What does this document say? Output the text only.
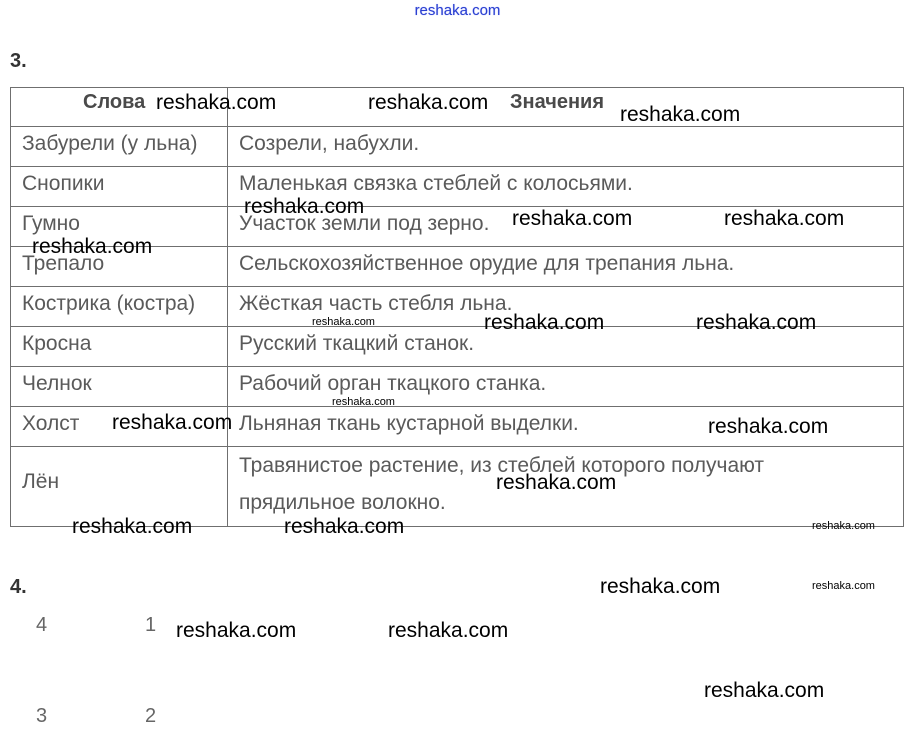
reshaka.com
3.
Слова	Значения
Забурели (у льна)	Созрели, набухли.
Снопики	Маленькая связка стеблей с колосьями.
Гумно	Участок земли под зерно.
Трепало	Сельскохозяйственное орудие для трепания льна.
Кострика (костра)	Жёсткая часть стебля льна.
Кросна	Русский ткацкий станок.
Челнок	Рабочий орган ткацкого станка.
Холст	Льняная ткань кустарной выделки.
Лён	Травянистое растение, из стеблей которого получают
прядильное волокно.
4.
4	1
3	2
reshaka.com	reshaka.com
reshaka.com
reshaka.com
reshaka.com	reshaka.com
reshaka.com
reshaka.com	reshaka.com	reshaka.com
reshaka.com
reshaka.com	reshaka.com
reshaka.com
reshaka.com	reshaka.com	reshaka.com
reshaka.com	reshaka.com
reshaka.com	reshaka.com
reshaka.com
